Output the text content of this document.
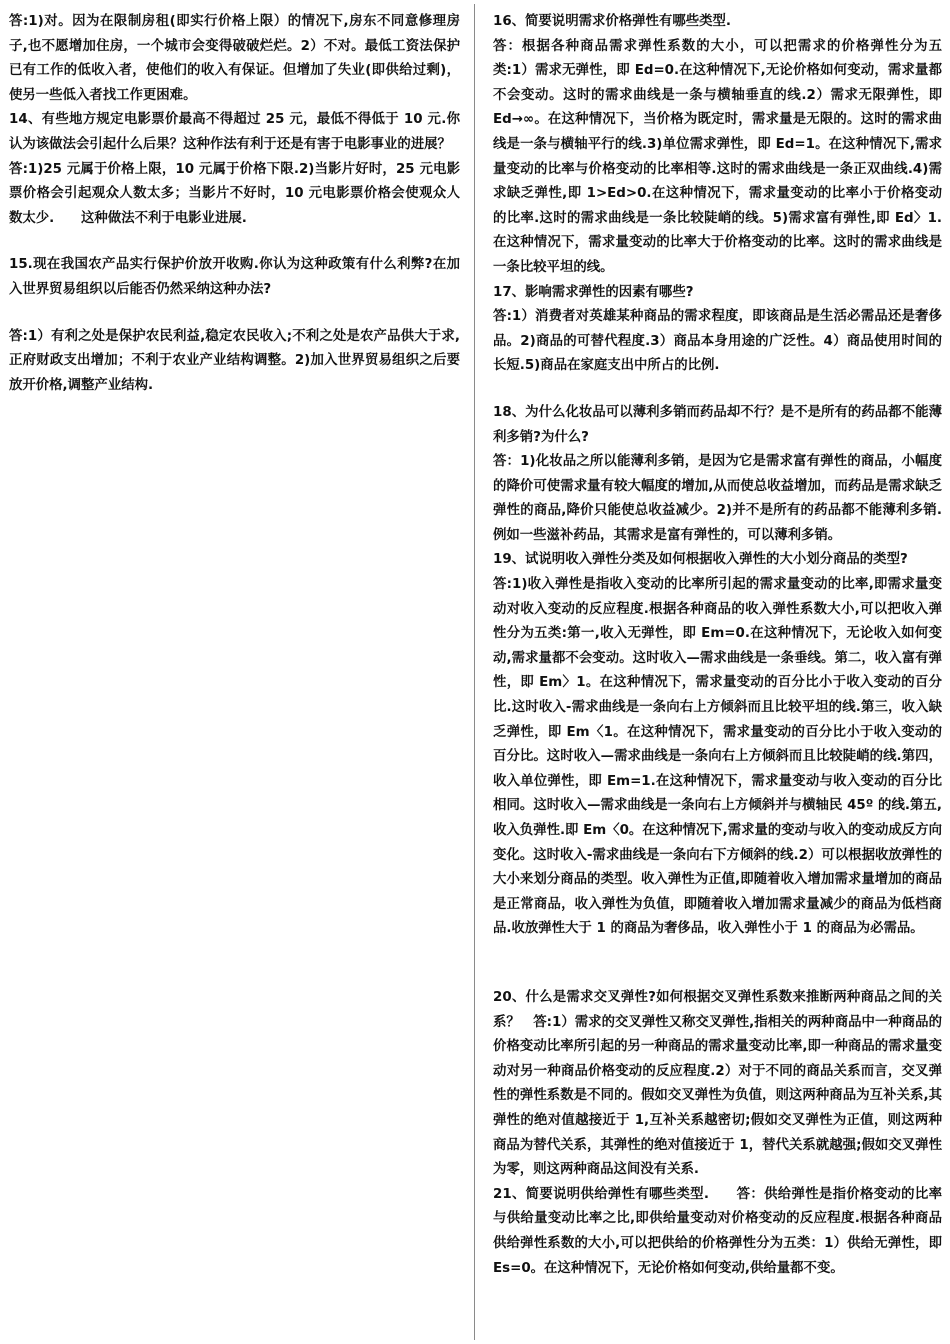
答:1)对。因为在限制房租(即实行价格上限）的情况下,房东不同意修理房子,也不愿增加住房，一个城市会变得破破烂烂。2）不对。最低工资法保护已有工作的低收入者，使他们的收入有保证。但增加了失业(即供给过剩)，使另一些低入者找工作更困难。

14、有些地方规定电影票价最高不得超过 25 元，最低不得低于 10 元.你认为该做法会引起什么后果？这种作法有利于还是有害于电影事业的进展？

答:1)25 元属于价格上限，10 元属于价格下限.2)当影片好时，25 元电影票价格会引起观众人数太多；当影片不好时，10 元电影票价格会使观众人数太少.　　这种做法不利于电影业进展.

15.现在我国农产品实行保护价放开收购.你认为这种政策有什么利弊?在加入世界贸易组织以后能否仍然采纳这种办法?

答:1）有利之处是保护农民利益,稳定农民收入;不利之处是农产品供大于求,正府财政支出增加；不利于农业产业结构调整。2)加入世界贸易组织之后要放开价格,调整产业结构.

16、简要说明需求价格弹性有哪些类型.

答：根据各种商品需求弹性系数的大小，可以把需求的价格弹性分为五类:1）需求无弹性，即 Ed=0.在这种情况下,无论价格如何变动，需求量都不会变动。这时的需求曲线是一条与横轴垂直的线.2）需求无限弹性，即 Ed→∞。在这种情况下，当价格为既定时，需求量是无限的。这时的需求曲线是一条与横轴平行的线.3)单位需求弹性，即 Ed=1。在这种情况下,需求量变动的比率与价格变动的比率相等.这时的需求曲线是一条正双曲线.4)需求缺乏弹性,即 1>Ed>0.在这种情况下，需求量变动的比率小于价格变动的比率.这时的需求曲线是一条比较陡峭的线。5)需求富有弹性,即 Ed〉1.在这种情况下，需求量变动的比率大于价格变动的比率。这时的需求曲线是一条比较平坦的线。

17、影响需求弹性的因素有哪些?

答:1）消费者对英雄某种商品的需求程度，即该商品是生活必需品还是奢侈品。2)商品的可替代程度.3）商品本身用途的广泛性。4）商品使用时间的长短.5)商品在家庭支出中所占的比例.

18、为什么化妆品可以薄利多销而药品却不行？是不是所有的药品都不能薄利多销?为什么?

答：1)化妆品之所以能薄利多销，是因为它是需求富有弹性的商品，小幅度的降价可使需求量有较大幅度的增加,从而使总收益增加，而药品是需求缺乏弹性的商品,降价只能使总收益减少。2)并不是所有的药品都不能薄利多销.例如一些滋补药品，其需求是富有弹性的，可以薄利多销。

19、试说明收入弹性分类及如何根据收入弹性的大小划分商品的类型?

答:1)收入弹性是指收入变动的比率所引起的需求量变动的比率,即需求量变动对收入变动的反应程度.根据各种商品的收入弹性系数大小,可以把收入弹性分为五类:第一,收入无弹性，即 Em=0.在这种情况下，无论收入如何变动,需求量都不会变动。这时收入—需求曲线是一条垂线。第二，收入富有弹性，即 Em〉1。在这种情况下，需求量变动的百分比小于收入变动的百分比.这时收入-需求曲线是一条向右上方倾斜而且比较平坦的线.第三，收入缺乏弹性，即 Em〈1。在这种情况下，需求量变动的百分比小于收入变动的百分比。这时收入—需求曲线是一条向右上方倾斜而且比较陡峭的线.第四，收入单位弹性，即 Em=1.在这种情况下，需求量变动与收入变动的百分比相同。这时收入—需求曲线是一条向右上方倾斜并与横轴民 45º 的线.第五,收入负弹性.即 Em〈0。在这种情况下,需求量的变动与收入的变动成反方向变化。这时收入-需求曲线是一条向右下方倾斜的线.2）可以根据收放弹性的大小来划分商品的类型。收入弹性为正值,即随着收入增加需求量增加的商品是正常商品，收入弹性为负值，即随着收入增加需求量减少的商品为低档商品.收放弹性大于 1 的商品为奢侈品，收入弹性小于 1 的商品为必需品。

20、什么是需求交叉弹性?如何根据交叉弹性系数来推断两种商品之间的关系？　答:1）需求的交叉弹性又称交叉弹性,指相关的两种商品中一种商品的价格变动比率所引起的另一种商品的需求量变动比率,即一种商品的需求量变动对另一种商品价格变动的反应程度.2）对于不同的商品关系而言，交叉弹性的弹性系数是不同的。假如交叉弹性为负值，则这两种商品为互补关系,其弹性的绝对值越接近于 1,互补关系越密切;假如交叉弹性为正值，则这两种商品为替代关系，其弹性的绝对值接近于 1，替代关系就越强;假如交叉弹性为零，则这两种商品这间没有关系.

21、简要说明供给弹性有哪些类型.　　答：供给弹性是指价格变动的比率与供给量变动比率之比,即供给量变动对价格变动的反应程度.根据各种商品供给弹性系数的大小,可以把供给的价格弹性分为五类：1）供给无弹性，即 Es=0。在这种情况下，无论价格如何变动,供给量都不变。
